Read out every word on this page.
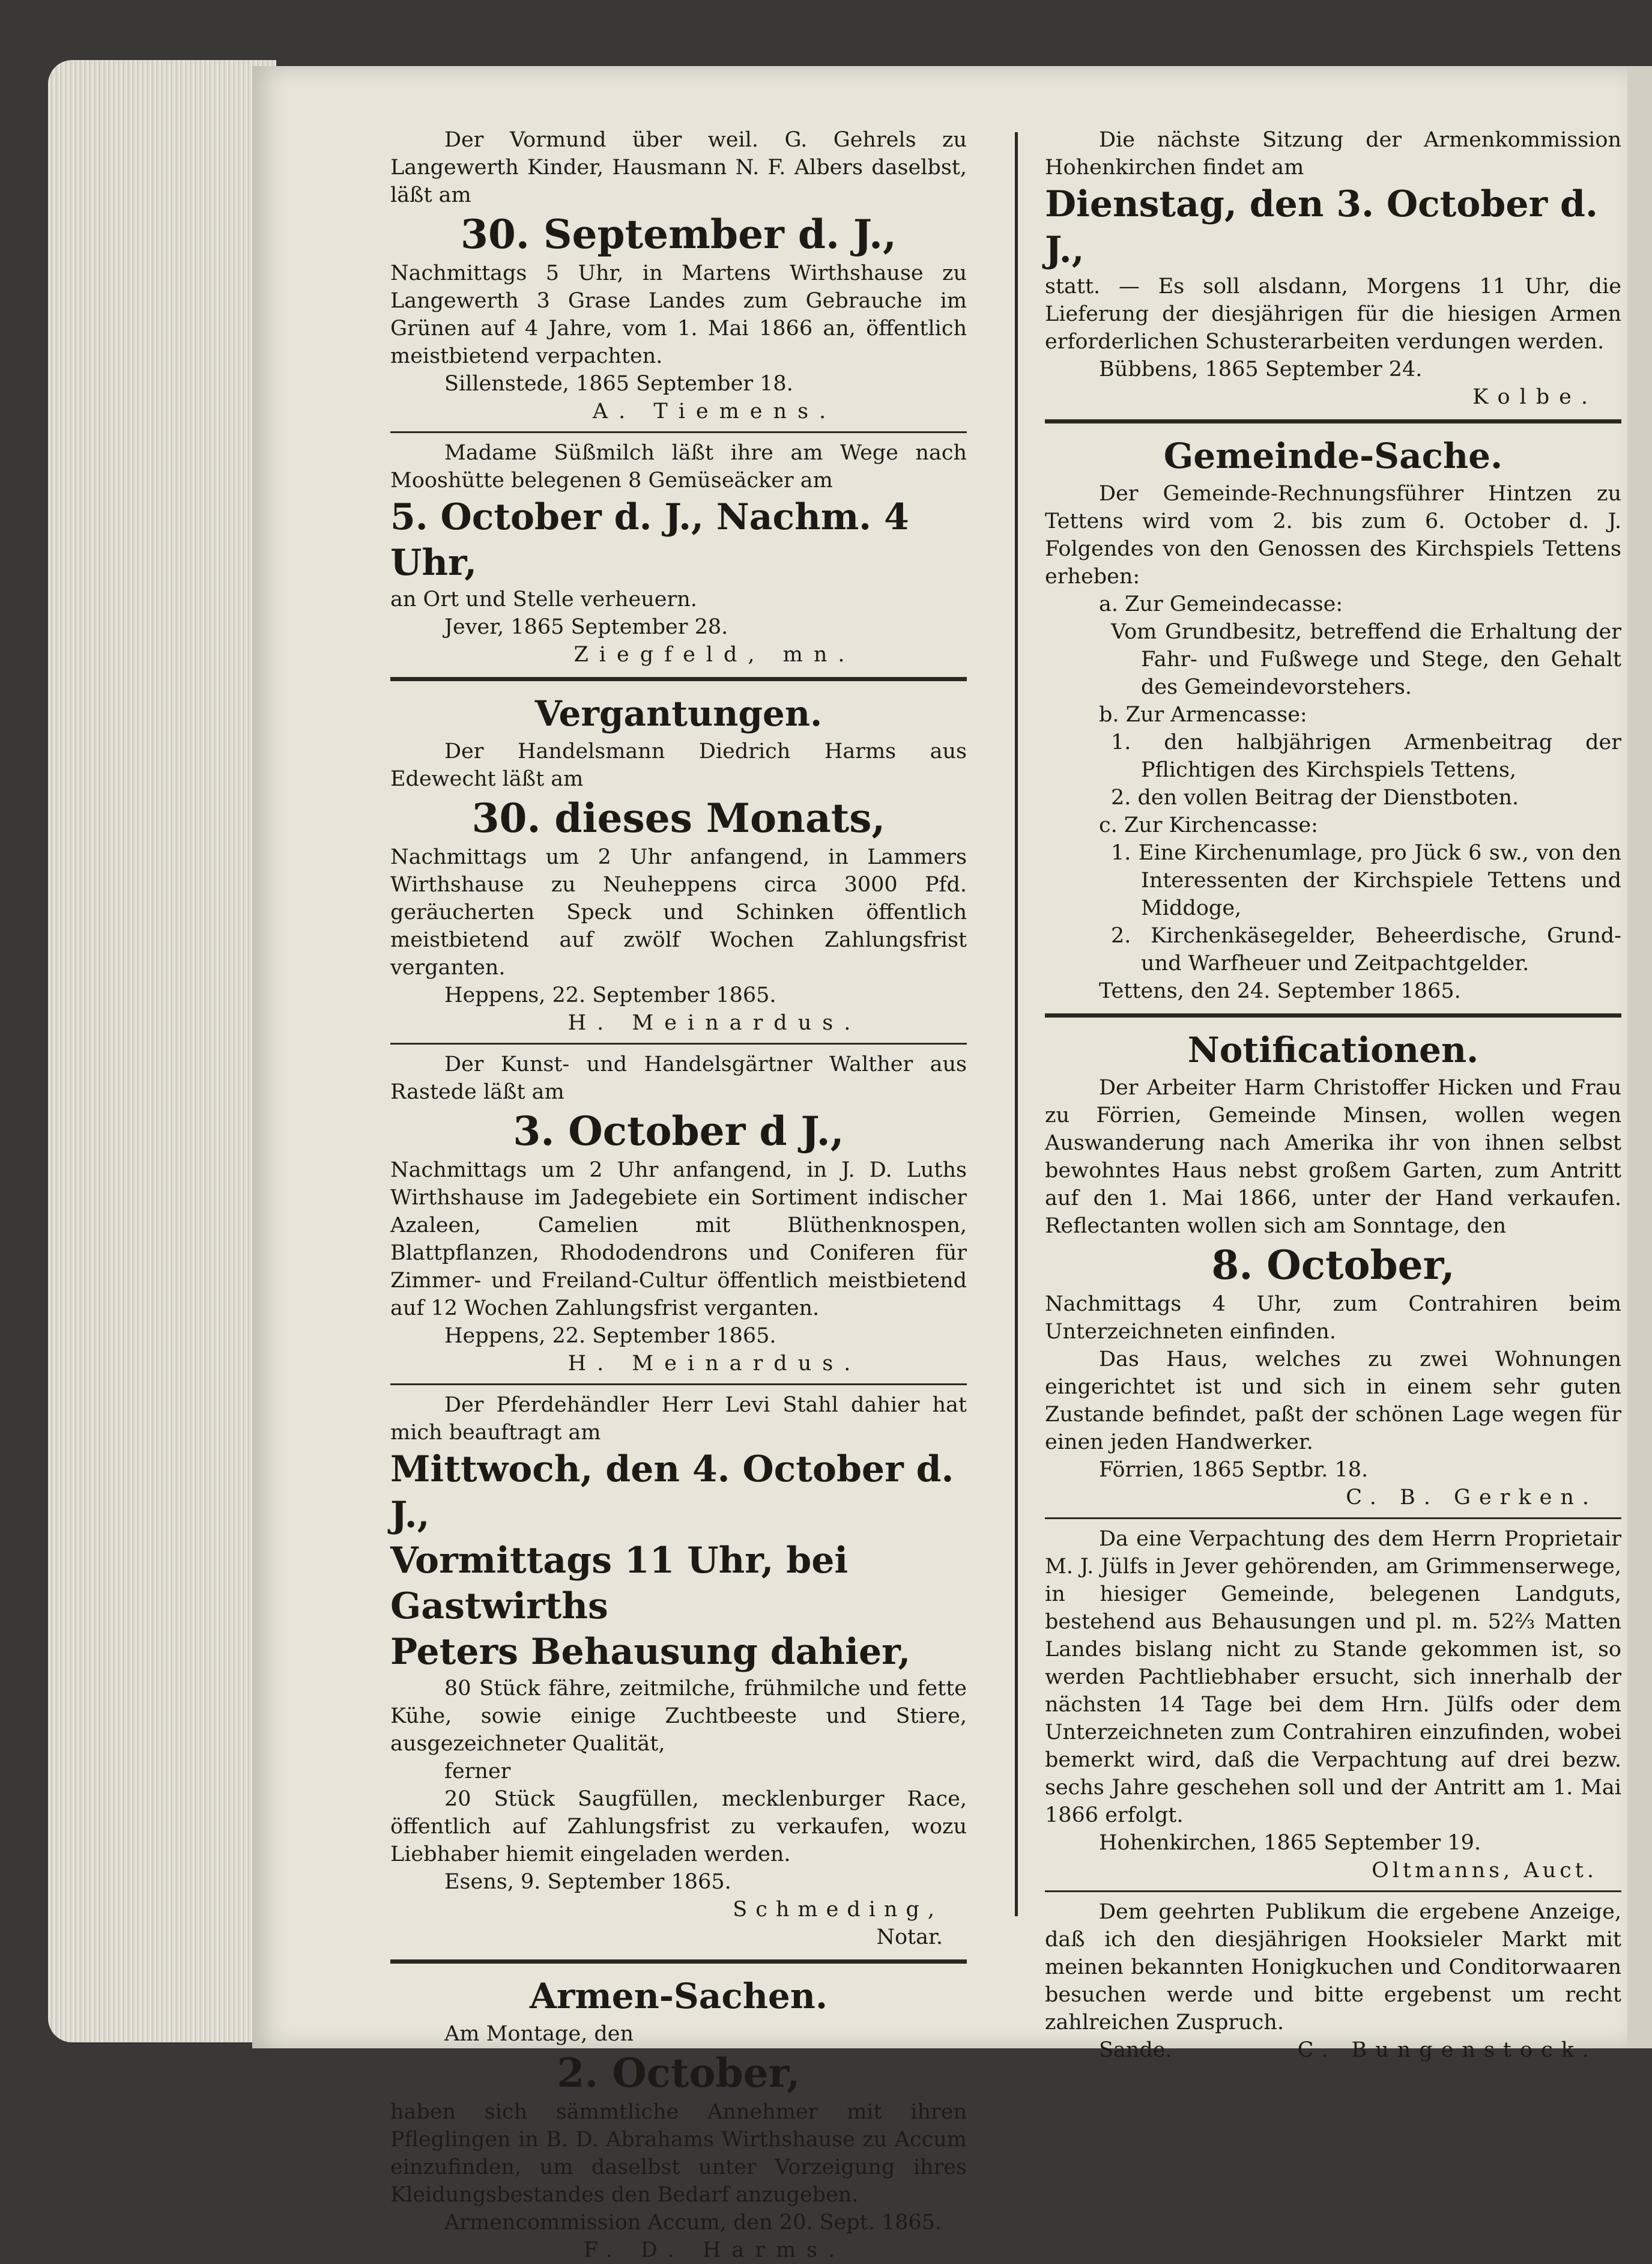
Der Vormund über weil. G. Gehrels zu Langewerth Kinder, Hausmann N. F. Albers daselbst, läßt am

30. September d. J.,

Nachmittags 5 Uhr, in Martens Wirthshause zu Langewerth 3 Grase Landes zum Gebrauche im Grünen auf 4 Jahre, vom 1. Mai 1866 an, öffentlich meistbietend verpachten.

Sillenstede, 1865 September 18.

A. Tiemens.

Madame Süßmilch läßt ihre am Wege nach Mooshütte belegenen 8 Gemüseäcker am

5. October d. J., Nachm. 4 Uhr,

an Ort und Stelle verheuern.

Jever, 1865 September 28.

Ziegfeld, mn.

Vergantungen.

Der Handelsmann Diedrich Harms aus Edewecht läßt am

30. dieses Monats,

Nachmittags um 2 Uhr anfangend, in Lammers Wirthshause zu Neuheppens circa 3000 Pfd. geräucherten Speck und Schinken öffentlich meistbietend auf zwölf Wochen Zahlungsfrist verganten.

Heppens, 22. September 1865.

H. Meinardus.

Der Kunst- und Handelsgärtner Walther aus Rastede läßt am

3. October d J.,

Nachmittags um 2 Uhr anfangend, in J. D. Luths Wirthshause im Jadegebiete ein Sortiment indischer Azaleen, Camelien mit Blüthenknospen, Blattpflanzen, Rhododendrons und Coniferen für Zimmer- und Freiland-Cultur öffentlich meistbietend auf 12 Wochen Zahlungsfrist verganten.

Heppens, 22. September 1865.

H. Meinardus.

Der Pferdehändler Herr Levi Stahl dahier hat mich beauftragt am

Mittwoch, den 4. October d. J.,

Vormittags 11 Uhr, bei Gastwirths

Peters Behausung dahier,

80 Stück fähre, zeitmilche, frühmilche und fette Kühe, sowie einige Zuchtbeeste und Stiere, ausgezeichneter Qualität,

ferner

20 Stück Saugfüllen, mecklenburger Race, öffentlich auf Zahlungsfrist zu verkaufen, wozu Liebhaber hiemit eingeladen werden.

Esens, 9. September 1865.

Schmeding,

Notar.

Armen-Sachen.

Am Montage, den

2. October,

haben sich sämmtliche Annehmer mit ihren Pfleglingen in B. D. Abrahams Wirthshause zu Accum einzufinden, um daselbst unter Vorzeigung ihres Kleidungsbestandes den Bedarf anzugeben.

Armencommission Accum, den 20. Sept. 1865.

F. D. Harms.

Die nächste Sitzung der Armenkommission Hohenkirchen findet am

Dienstag, den 3. October d. J.,

statt. — Es soll alsdann, Morgens 11 Uhr, die Lieferung der diesjährigen für die hiesigen Armen erforderlichen Schusterarbeiten verdungen werden.

Bübbens, 1865 September 24.

Kolbe.

Gemeinde-Sache.

Der Gemeinde-Rechnungsführer Hintzen zu Tettens wird vom 2. bis zum 6. October d. J. Folgendes von den Genossen des Kirchspiels Tettens erheben:

a. Zur Gemeindecasse:

Vom Grundbesitz, betreffend die Erhaltung der Fahr- und Fußwege und Stege, den Gehalt des Gemeindevorstehers.

b. Zur Armencasse:

1. den halbjährigen Armenbeitrag der Pflichtigen des Kirchspiels Tettens,

2. den vollen Beitrag der Dienstboten.

c. Zur Kirchencasse:

1. Eine Kirchenumlage, pro Jück 6 sw., von den Interessenten der Kirchspiele Tettens und Middoge,

2. Kirchenkäsegelder, Beheerdische, Grund- und Warfheuer und Zeitpachtgelder.

Tettens, den 24. September 1865.

Notificationen.

Der Arbeiter Harm Christoffer Hicken und Frau zu Förrien, Gemeinde Minsen, wollen wegen Auswanderung nach Amerika ihr von ihnen selbst bewohntes Haus nebst großem Garten, zum Antritt auf den 1. Mai 1866, unter der Hand verkaufen. Reflectanten wollen sich am Sonntage, den

8. October,

Nachmittags 4 Uhr, zum Contrahiren beim Unterzeichneten einfinden.

Das Haus, welches zu zwei Wohnungen eingerichtet ist und sich in einem sehr guten Zustande befindet, paßt der schönen Lage wegen für einen jeden Handwerker.

Förrien, 1865 Septbr. 18.

C. B. Gerken.

Da eine Verpachtung des dem Herrn Proprietair M. J. Jülfs in Jever gehörenden, am Grimmenserwege, in hiesiger Gemeinde, belegenen Landguts, bestehend aus Behausungen und pl. m. 52⅔ Matten Landes bislang nicht zu Stande gekommen ist, so werden Pachtliebhaber ersucht, sich innerhalb der nächsten 14 Tage bei dem Hrn. Jülfs oder dem Unterzeichneten zum Contrahiren einzufinden, wobei bemerkt wird, daß die Verpachtung auf drei bezw. sechs Jahre geschehen soll und der Antritt am 1. Mai 1866 erfolgt.

Hohenkirchen, 1865 September 19.

Oltmanns, Auct.

Dem geehrten Publikum die ergebene Anzeige, daß ich den diesjährigen Hooksieler Markt mit meinen bekannten Honigkuchen und Conditorwaaren besuchen werde und bitte ergebenst um recht zahlreichen Zuspruch.

Sande.	C. Bungenstock.
